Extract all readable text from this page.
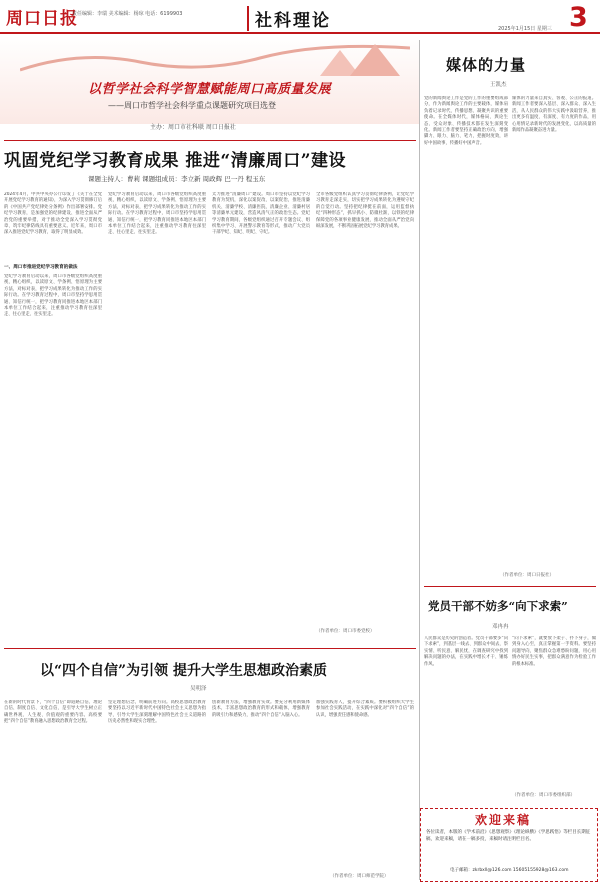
周口日报
责任编辑：李瑞 美术编辑：杨琼 电话：6199903	社科理论	2025年1月15日 星期三 3
以哲学社会科学智慧赋能周口高质量发展
——周口市哲学社会科学重点课题研究项目选登
主办：周口市社科联 周口日报社
巩固党纪学习教育成果 推进“清廉周口”建设
课题主持人：曹莉 课题组成员：李立新 周政辉 巴一丹 程玉东
2024年4月，中共中央办公厅印发了《关于在全党开展党纪学习教育的通知》，为深入学习贯彻修订后的《中国共产党纪律处分条例》作出部署安排。党纪学习教育，是加强党的纪律建设、推进全面从严治党的重要举措，对于推动全党深入学习贯彻党章、筑牢纪律防线具有重要意义。近年来，周口市深入推进党纪学习教育，取得了明显成效。
一、周口市推进党纪学习教育的做法
党纪学习教育启动以来，周口市各级党组织高度重视，精心组织，以读原文、学条例、悟原理为主要方法，对标对表，把学习成果转化为推动工作的实际行动。在学习教育过程中，周口市坚持学思用贯通、知信行统一，把学习教育同推进本地区本部门本单位工作结合起来，注重推动学习教育往深里走、往心里走、往实里走。
党纪学习教育启动以来，周口市各级党组织高度重视，精心组织，以读原文、学条例、悟原理为主要方法，对标对表，把学习成果转化为推动工作的实际行动。在学习教育过程中，周口市坚持学思用贯通、知信行统一，把学习教育同推进本地区本部门本单位工作结合起来，注重推动学习教育往深里走、往心里走、往实里走。
太力推进“清廉周口”建设。周口市坚持以党纪学习教育为契机，深化以案促改、以案促治，推进清廉机关、清廉学校、清廉医院、清廉企业、清廉村居等清廉单元建设，营造风清气正的政治生态。党纪学习教育期间，各级党组织通过召开专题会议、组织集中学习、开展警示教育等形式，推动广大党员干部学纪、知纪、明纪、守纪。
全市各级党组织认真学习贯彻纪律条例，让党纪学习教育走深走实，切实把学习成果转化为遵规守纪的自觉行动。坚持把纪律挺在前面，运用监督执纪“四种形态”，抓早抓小、防微杜渐，以铁的纪律保障党的各项事业健康发展，推动全面从严治党向纵深发展，不断巩固拓展党纪学习教育成果。
（作者单位：周口市委党校）
媒体的力量
王凯杰
党的新闻舆论工作是党的工作的重要组成部分，作为新闻舆论工作的主要载体，媒体肩负着记录时代、传播思想、凝聚共识的重要使命。在全媒体时代，媒体格局、舆论生态、受众对象、传播技术都在发生深刻变化。新闻工作者要坚持正确政治方向，增强脚力、眼力、脑力、笔力，把握时度效，讲好中国故事，传播好中国声音。
媒体的力量来自真实、客观、公正的报道。新闻工作者要深入基层、深入群众、深入生活，从人民群众的伟大实践中汲取营养，推出更多有温度、有深度、有力度的作品，用心用情记录新时代的发展变化，以高质量的新闻作品凝聚奋进力量。
（作者单位：周口日报社）
党员干部不妨多“向下求索”
邓冉冉
人民群众是历史的创造者。党员干部要多“向下求索”，到基层一线去、到群众中间去，察实情、听民意、解民忧，在调查研究中找到解决问题的办法，在实践中增长才干、锤炼作风。
“向下求索”，就要放下架子、扑下身子，做到身入心至，真正掌握第一手资料。要坚持问题导向，聚焦群众急难愁盼问题，用心用情办好民生实事，把群众满意作为检验工作的根本标准。
（作者单位：周口市委组织部）
以“四个自信”为引领 提升大学生思想政治素质
吴明泽
在新的时代背景下，“四个自信”即道路自信、理论自信、制度自信、文化自信，是引导大学生树立正确世界观、人生观、价值观的重要内容。高校要把“四个自信”教育融入思想政治教育全过程。
坚定理想信念，明确前进方向。高校思想政治教育要坚持以习近平新时代中国特色社会主义思想为指导，引导大学生深刻理解中国特色社会主义道路的历史必然性和现实合理性。
创新教育方法，增强教育实效。要充分利用新媒体技术，丰富思想政治教育的形式和载体，增强教育的吸引力和感染力，推动“四个自信”入脑入心。
加强实践育人，提升综合素质。要积极组织大学生参加社会实践活动，在实践中深化对“四个自信”的认识，增强责任感和使命感。
（作者单位：周口师范学院）
欢迎来稿
各位读者，本版的《学术前沿》《思想观察》《理论纵横》《学思践悟》等栏目长期征稿，欢迎来稿，请在一稿多投，来稿时请注明栏目名。
电子邮箱：zkrbxll@126.com 15605155928@163.com
